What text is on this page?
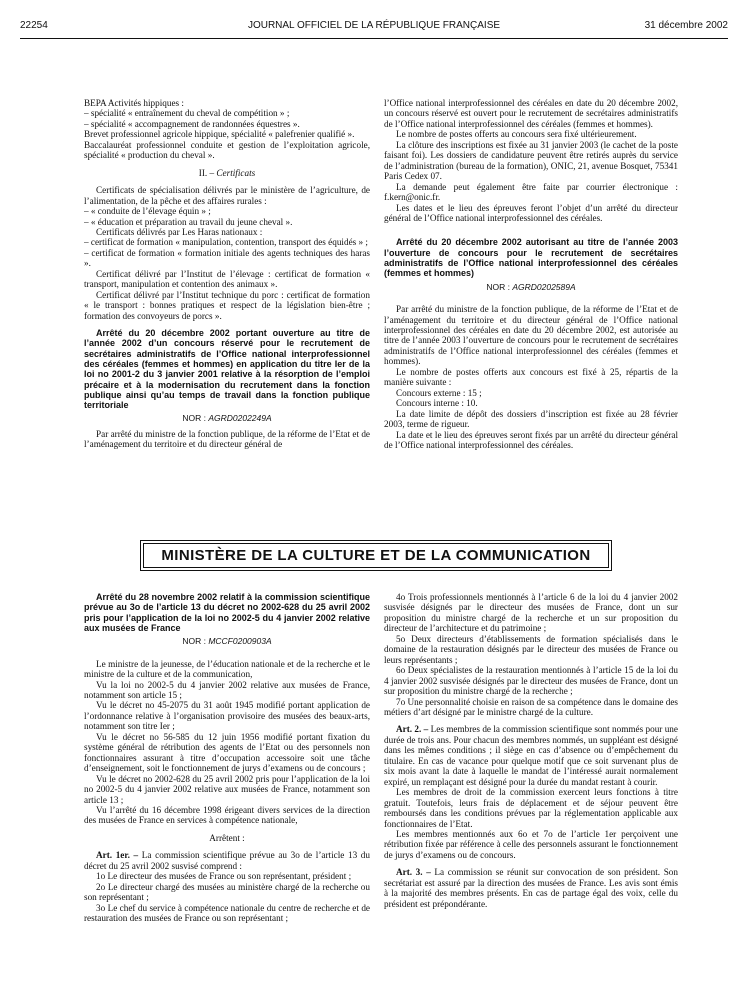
22254	JOURNAL OFFICIEL DE LA RÉPUBLIQUE FRANÇAISE	31 décembre 2002

BEPA Activités hippiques :

– spécialité « entraînement du cheval de compétition » ;

– spécialité « accompagnement de randonnées équestres ».

Brevet professionnel agricole hippique, spécialité « palefrenier qualifié ».

Baccalauréat professionnel conduite et gestion de l’exploitation agricole, spécialité « production du cheval ».

II. – Certificats

Certificats de spécialisation délivrés par le ministère de l’agriculture, de l’alimentation, de la pêche et des affaires rurales :

– « conduite de l’élevage équin » ;

– « éducation et préparation au travail du jeune cheval ».

Certificats délivrés par Les Haras nationaux :

– certificat de formation « manipulation, contention, transport des équidés » ;

– certificat de formation « formation initiale des agents techniques des haras ».

Certificat délivré par l’Institut de l’élevage : certificat de formation « transport, manipulation et contention des animaux ».

Certificat délivré par l’Institut technique du porc : certificat de formation « le transport : bonnes pratiques et respect de la législation bien-être ; formation des convoyeurs de porcs ».

Arrêté du 20 décembre 2002 portant ouverture au titre de l’année 2002 d’un concours réservé pour le recrutement de secrétaires administratifs de l’Office national interprofessionnel des céréales (femmes et hommes) en application du titre Ier de la loi no 2001-2 du 3 janvier 2001 relative à la résorption de l’emploi précaire et à la modernisation du recrutement dans la fonction publique ainsi qu’au temps de travail dans la fonction publique territoriale

NOR : AGRD0202249A

Par arrêté du ministre de la fonction publique, de la réforme de l’Etat et de l’aménagement du territoire et du directeur général de

l’Office national interprofessionnel des céréales en date du 20 décembre 2002, un concours réservé est ouvert pour le recrutement de secrétaires administratifs de l’Office national interprofessionnel des céréales (femmes et hommes).

Le nombre de postes offerts au concours sera fixé ultérieurement.

La clôture des inscriptions est fixée au 31 janvier 2003 (le cachet de la poste faisant foi). Les dossiers de candidature peuvent être retirés auprès du service de l’administration (bureau de la formation), ONIC, 21, avenue Bosquet, 75341 Paris Cedex 07.

La demande peut également être faite par courrier électronique : f.kern@onic.fr.

Les dates et le lieu des épreuves feront l’objet d’un arrêté du directeur général de l’Office national interprofessionnel des céréales.

Arrêté du 20 décembre 2002 autorisant au titre de l’année 2003 l’ouverture de concours pour le recrutement de secrétaires administratifs de l’Office national interprofessionnel des céréales (femmes et hommes)

NOR : AGRD0202589A

Par arrêté du ministre de la fonction publique, de la réforme de l’Etat et de l’aménagement du territoire et du directeur général de l’Office national interprofessionnel des céréales en date du 20 décembre 2002, est autorisée au titre de l’année 2003 l’ouverture de concours pour le recrutement de secrétaires administratifs de l’Office national interprofessionnel des céréales (femmes et hommes).

Le nombre de postes offerts aux concours est fixé à 25, répartis de la manière suivante :

Concours externe : 15 ;

Concours interne : 10.

La date limite de dépôt des dossiers d’inscription est fixée au 28 février 2003, terme de rigueur.

La date et le lieu des épreuves seront fixés par un arrêté du directeur général de l’Office national interprofessionnel des céréales.

MINISTÈRE DE LA CULTURE ET DE LA COMMUNICATION

Arrêté du 28 novembre 2002 relatif à la commission scientifique prévue au 3o de l’article 13 du décret no 2002-628 du 25 avril 2002 pris pour l’application de la loi no 2002-5 du 4 janvier 2002 relative aux musées de France

NOR : MCCF0200903A

Le ministre de la jeunesse, de l’éducation nationale et de la recherche et le ministre de la culture et de la communication,

Vu la loi no 2002-5 du 4 janvier 2002 relative aux musées de France, notamment son article 15 ;

Vu le décret no 45-2075 du 31 août 1945 modifié portant application de l’ordonnance relative à l’organisation provisoire des musées des beaux-arts, notamment son titre Ier ;

Vu le décret no 56-585 du 12 juin 1956 modifié portant fixation du système général de rétribution des agents de l’Etat ou des personnels non fonctionnaires assurant à titre d’occupation accessoire soit une tâche d’enseignement, soit le fonctionnement de jurys d’examens ou de concours ;

Vu le décret no 2002-628 du 25 avril 2002 pris pour l’application de la loi no 2002-5 du 4 janvier 2002 relative aux musées de France, notamment son article 13 ;

Vu l’arrêté du 16 décembre 1998 érigeant divers services de la direction des musées de France en services à compétence nationale,

Arrêtent :

Art. 1er. – La commission scientifique prévue au 3o de l’article 13 du décret du 25 avril 2002 susvisé comprend :

1o Le directeur des musées de France ou son représentant, président ;

2o Le directeur chargé des musées au ministère chargé de la recherche ou son représentant ;

3o Le chef du service à compétence nationale du centre de recherche et de restauration des musées de France ou son représentant ;

4o Trois professionnels mentionnés à l’article 6 de la loi du 4 janvier 2002 susvisée désignés par le directeur des musées de France, dont un sur proposition du ministre chargé de la recherche et un sur proposition du directeur de l’architecture et du patrimoine ;

5o Deux directeurs d’établissements de formation spécialisés dans le domaine de la restauration désignés par le directeur des musées de France ou leurs représentants ;

6o Deux spécialistes de la restauration mentionnés à l’article 15 de la loi du 4 janvier 2002 susvisée désignés par le directeur des musées de France, dont un sur proposition du ministre chargé de la recherche ;

7o Une personnalité choisie en raison de sa compétence dans le domaine des métiers d’art désigné par le ministre chargé de la culture.

Art. 2. – Les membres de la commission scientifique sont nommés pour une durée de trois ans. Pour chacun des membres nommés, un suppléant est désigné dans les mêmes conditions ; il siège en cas d’absence ou d’empêchement du titulaire. En cas de vacance pour quelque motif que ce soit survenant plus de six mois avant la date à laquelle le mandat de l’intéressé aurait normalement expiré, un remplaçant est désigné pour la durée du mandat restant à courir.

Les membres de droit de la commission exercent leurs fonctions à titre gratuit. Toutefois, leurs frais de déplacement et de séjour peuvent être remboursés dans les conditions prévues par la réglementation applicable aux fonctionnaires de l’Etat.

Les membres mentionnés aux 6o et 7o de l’article 1er perçoivent une rétribution fixée par référence à celle des personnels assurant le fonctionnement de jurys d’examens ou de concours.

Art. 3. – La commission se réunit sur convocation de son président. Son secrétariat est assuré par la direction des musées de France. Les avis sont émis à la majorité des membres présents. En cas de partage égal des voix, celle du président est prépondérante.
